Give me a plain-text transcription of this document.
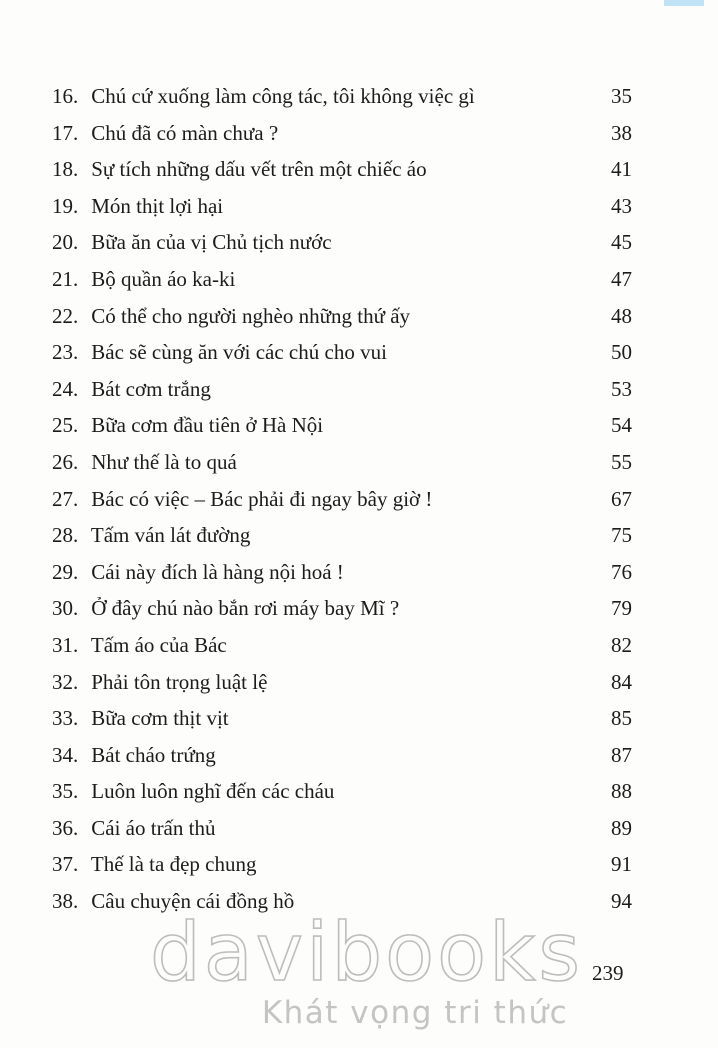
16. Chú cứ xuống làm công tác, tôi không việc gì	35
17. Chú đã có màn chưa ?	38
18. Sự tích những dấu vết trên một chiếc áo	41
19. Món thịt lợi hại	43
20. Bữa ăn của vị Chủ tịch nước	45
21. Bộ quần áo ka-ki	47
22. Có thể cho người nghèo những thứ ấy	48
23. Bác sẽ cùng ăn với các chú cho vui	50
24. Bát cơm trắng	53
25. Bữa cơm đầu tiên ở Hà Nội	54
26. Như thế là to quá	55
27. Bác có việc – Bác phải đi ngay bây giờ !	67
28. Tấm ván lát đường	75
29. Cái này đích là hàng nội hoá !	76
30. Ở đây chú nào bắn rơi máy bay Mĩ ?	79
31. Tấm áo của Bác	82
32. Phải tôn trọng luật lệ	84
33. Bữa cơm thịt vịt	85
34. Bát cháo trứng	87
35. Luôn luôn nghĩ đến các cháu	88
36. Cái áo trấn thủ	89
37. Thế là ta đẹp chung	91
38. Câu chuyện cái đồng hồ	94
239
davibooks
Khát vọng tri thức
